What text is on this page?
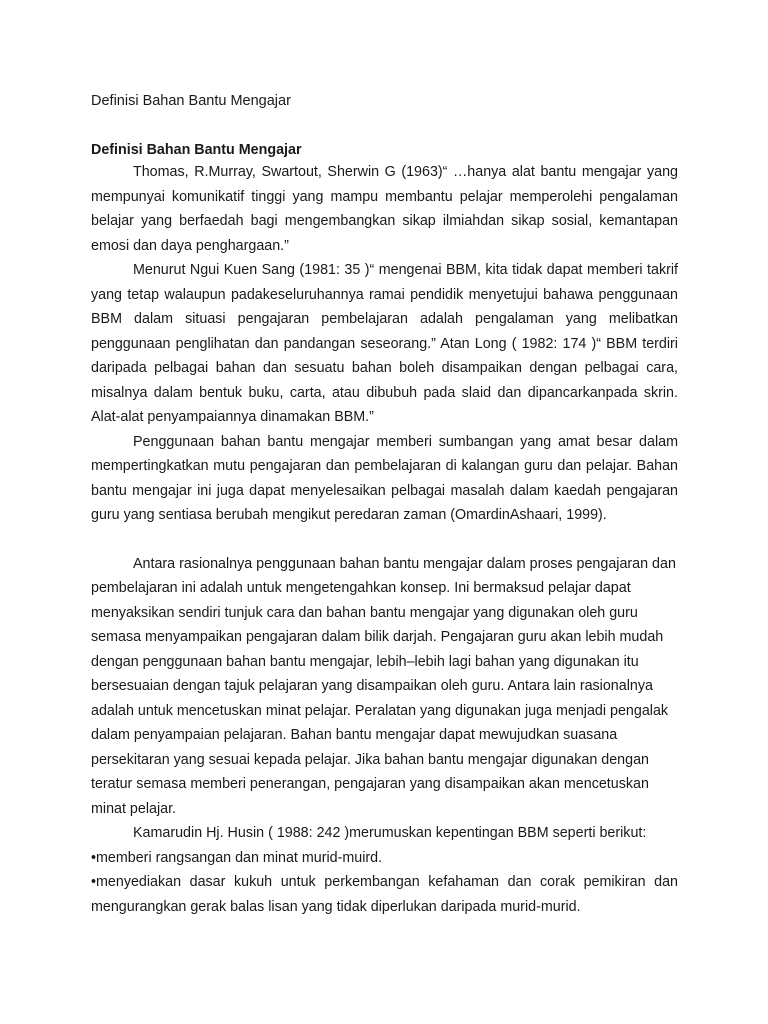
Definisi Bahan Bantu Mengajar
Definisi Bahan Bantu Mengajar

Thomas, R.Murray, Swartout, Sherwin G (1963)“ …hanya alat bantu mengajar yang mempunyai komunikatif tinggi yang mampu membantu pelajar memperolehi pengalaman belajar yang berfaedah bagi mengembangkan sikap ilmiahdan sikap sosial, kemantapan emosi dan daya penghargaan.”

Menurut Ngui Kuen Sang (1981: 35 )“ mengenai BBM, kita tidak dapat memberi takrif yang tetap walaupun padakeseluruhannya ramai pendidik menyetujui bahawa penggunaan BBM dalam situasi pengajaran pembelajaran adalah pengalaman yang melibatkan penggunaan penglihatan dan pandangan seseorang.” Atan Long ( 1982: 174 )“ BBM terdiri daripada pelbagai bahan dan sesuatu bahan boleh disampaikan dengan pelbagai cara, misalnya dalam bentuk buku, carta, atau dibubuh pada slaid dan dipancarkanpada skrin. Alat-alat penyampaiannya dinamakan BBM.”

Penggunaan bahan bantu mengajar memberi sumbangan yang amat besar dalam mempertingkatkan mutu pengajaran dan pembelajaran di kalangan guru dan pelajar. Bahan bantu mengajar ini juga dapat menyelesaikan pelbagai masalah dalam kaedah pengajaran guru yang sentiasa berubah mengikut peredaran zaman (OmardinAshaari, 1999).

Antara rasionalnya penggunaan bahan bantu mengajar dalam proses pengajaran dan pembelajaran ini adalah untuk mengetengahkan konsep. Ini bermaksud pelajar dapat menyaksikan sendiri tunjuk cara dan bahan bantu mengajar yang digunakan oleh guru semasa menyampaikan pengajaran dalam bilik darjah. Pengajaran guru akan lebih mudah dengan penggunaan bahan bantu mengajar, lebih–lebih lagi bahan yang digunakan itu bersesuaian dengan tajuk pelajaran yang disampaikan oleh guru. Antara lain rasionalnya adalah untuk mencetuskan minat pelajar. Peralatan yang digunakan juga menjadi pengalak dalam penyampaian pelajaran. Bahan bantu mengajar dapat mewujudkan suasana persekitaran yang sesuai kepada pelajar. Jika bahan bantu mengajar digunakan dengan teratur semasa memberi penerangan, pengajaran yang disampaikan akan mencetuskan minat pelajar.

Kamarudin Hj. Husin ( 1988: 242 )merumuskan kepentingan BBM seperti berikut:

•memberi rangsangan dan minat murid-muird.

•menyediakan dasar kukuh untuk perkembangan kefahaman dan corak pemikiran dan mengurangkan gerak balas lisan yang tidak diperlukan daripada murid-murid.
